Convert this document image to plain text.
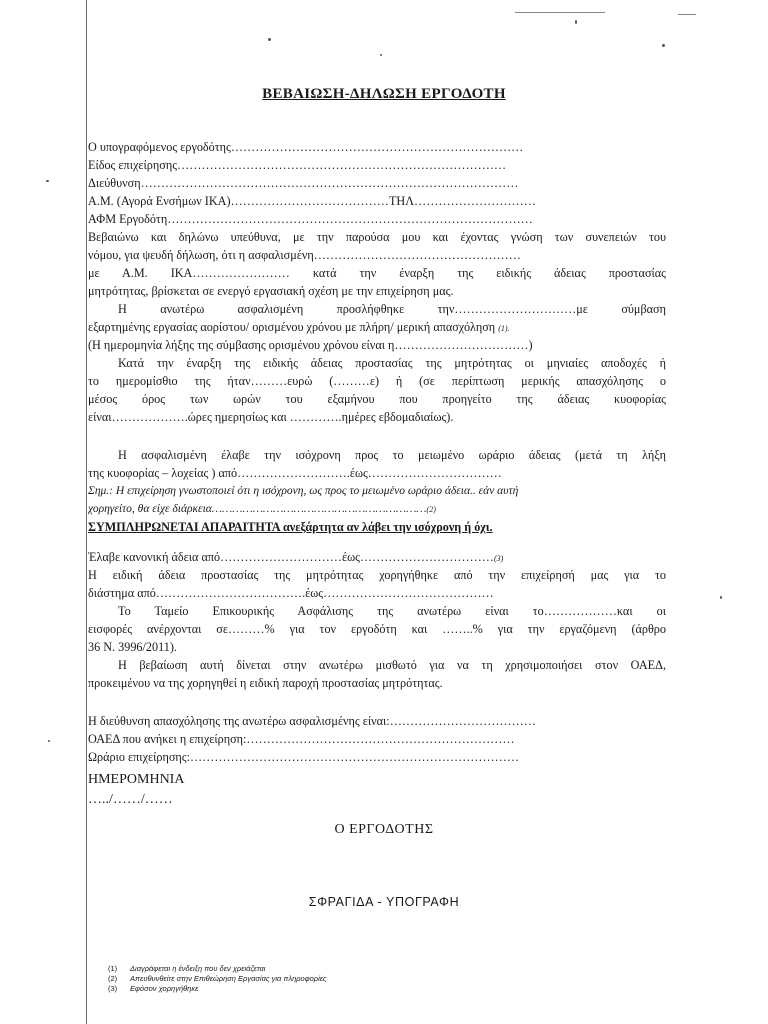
ΒΕΒΑΙΩΣΗ-ΔΗΛΩΣΗ ΕΡΓΟΔΟΤΗ
Ο υπογραφόμενος εργοδότης………………………………………………………………
Είδος επιχείρησης………………………………………………………………………
Διεύθυνση…………………………………………………………………………………
Α.Μ. (Αγορά Ενσήμων ΙΚΑ)…………………………………ΤΗΛ…………………………
ΑΦΜ Εργοδότη………………………………………………………………………………
Βεβαιώνω και δηλώνω υπεύθυνα, με την παρούσα μου και έχοντας γνώση των συνεπειών του
νόμου, για ψευδή δήλωση, ότι η ασφαλισμένη……………………………………………
με Α.Μ. ΙΚΑ…………………… κατά την έναρξη της ειδικής άδειας προστασίας
μητρότητας, βρίσκεται σε ενεργό εργασιακή σχέση με την επιχείρηση μας.
Η ανωτέρω ασφαλισμένη προσλήφθηκε την…………………………με σύμβαση
εξαρτημένης εργασίας αορίστου/ ορισμένου χρόνου με πλήρη/ μερική απασχόληση (1).
(Η ημερομηνία λήξης της σύμβασης ορισμένου χρόνου είναι η……………………………)
Κατά την έναρξη της ειδικής άδειας προστασίας της μητρότητας οι μηνιαίες αποδοχές ή
το ημερομίσθιο της ήταν………ευρώ (………ε) ή (σε περίπτωση μερικής απασχόλησης ο
μέσος όρος των ωρών του εξαμήνου που προηγείτο της άδειας κυοφορίας
είναι……………….ώρες ημερησίως και ………….ημέρες εβδομαδιαίως).
Η ασφαλισμένη έλαβε την ισόχρονη προς το μειωμένο ωράριο άδειας (μετά τη λήξη
της κυοφορίας – λοχείας ) από……………………….έως……………………………
Σημ.: Η επιχείρηση γνωστοποιεί ότι η ισόχρονη, ως προς το μειωμένο ωράριο άδεια.. εάν αυτή
χορηγείτο, θα είχε διάρκεια………………………………………………………(2)
ΣΥΜΠΛΗΡΩΝΕΤΑΙ ΑΠΑΡΑΙΤΗΤΑ ανεξάρτητα αν λάβει την ισόχρονη ή όχι.
Έλαβε κανονική άδεια από…………………………έως……………………………(3)
Η ειδική άδεια προστασίας της μητρότητας χορηγήθηκε από την επιχείρησή μας για το
διάστημα από……………………………….έως……………………………………
Το Ταμείο Επικουρικής Ασφάλισης της ανωτέρω είναι το………………και οι
εισφορές ανέρχονται σε………% για τον εργοδότη και ……..% για την εργαζόμενη (άρθρο
36 Ν. 3996/2011).
Η βεβαίωση αυτή δίνεται στην ανωτέρω μισθωτό για να τη χρησιμοποιήσει στον ΟΑΕΔ,
προκειμένου να της χορηγηθεί η ειδική παροχή προστασίας μητρότητας.
Η διεύθυνση απασχόλησης της ανωτέρω ασφαλισμένης είναι:………………………………
ΟΑΕΔ που ανήκει η επιχείρηση:…………………………………………………………
Ωράριο επιχείρησης:………………………………………………………………………
ΗΜΕΡΟΜΗΝΙΑ
…../……/……
Ο ΕΡΓΟΔΟΤΗΣ
ΣΦΡΑΓΙΔΑ - ΥΠΟΓΡΑΦΗ
(1) Διαγράφεται η ένδειξη που δεν χρειάζεται
(2) Απευθυνθείτε στην Επιθεώρηση Εργασίας για πληροφορίες
(3) Εφόσον χορηγήθηκε
